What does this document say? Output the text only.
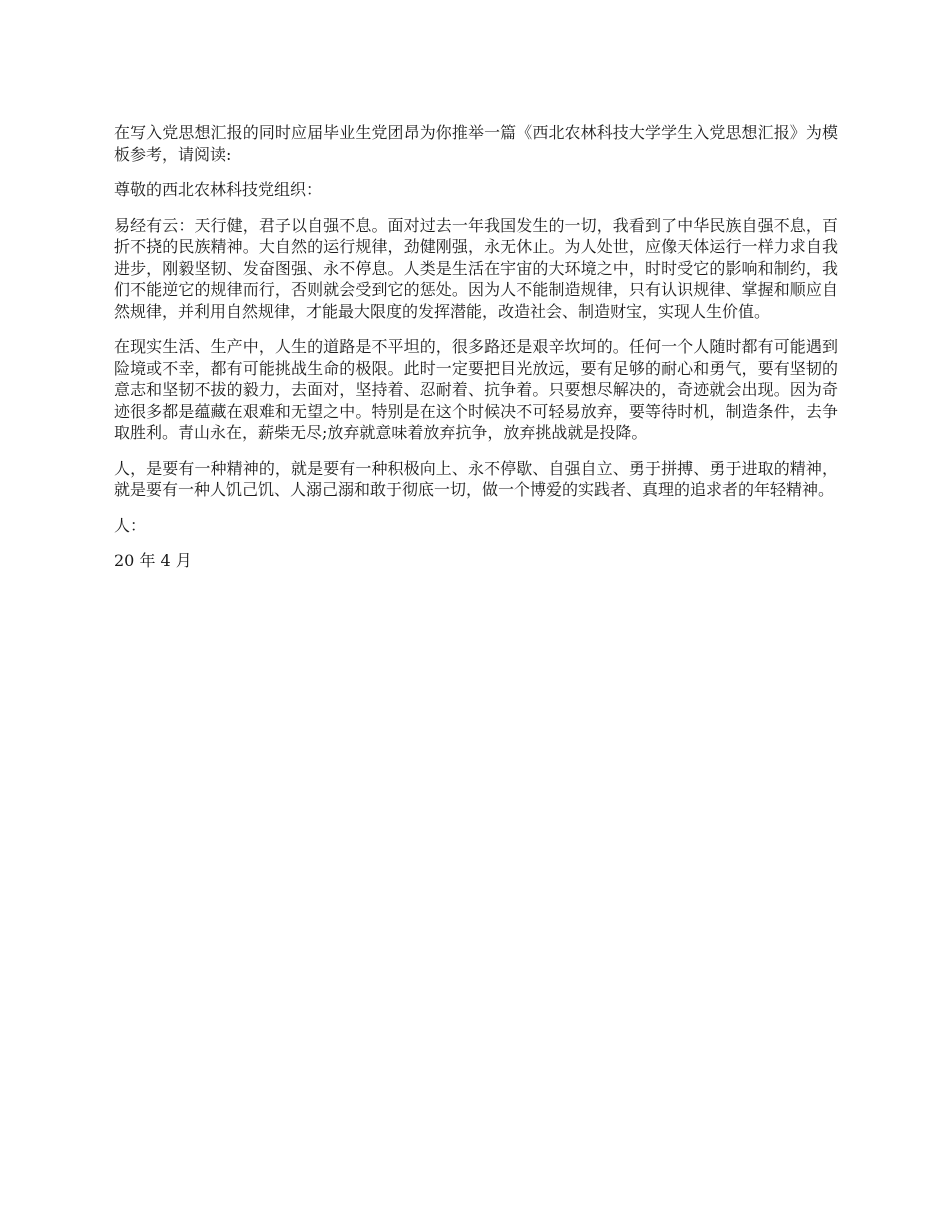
在写入党思想汇报的同时应届毕业生党团昂为你推举一篇《西北农林科技大学学生入党思想汇报》为模板参考，请阅读:

尊敬的西北农林科技党组织：

易经有云：天行健，君子以自强不息。面对过去一年我国发生的一切，我看到了中华民族自强不息，百折不挠的民族精神。大自然的运行规律，劲健刚强，永无休止。为人处世，应像天体运行一样力求自我进步，刚毅坚韧、发奋图强、永不停息。人类是生活在宇宙的大环境之中，时时受它的影响和制约，我们不能逆它的规律而行，否则就会受到它的惩处。因为人不能制造规律，只有认识规律、掌握和顺应自然规律，并利用自然规律，才能最大限度的发挥潜能，改造社会、制造财宝，实现人生价值。

在现实生活、生产中，人生的道路是不平坦的，很多路还是艰辛坎坷的。任何一个人随时都有可能遇到险境或不幸，都有可能挑战生命的极限。此时一定要把目光放远，要有足够的耐心和勇气，要有坚韧的意志和坚韧不拔的毅力，去面对，坚持着、忍耐着、抗争着。只要想尽解决的，奇迹就会出现。因为奇迹很多都是蕴藏在艰难和无望之中。特别是在这个时候决不可轻易放弃，要等待时机，制造条件，去争取胜利。青山永在，薪柴无尽;放弃就意味着放弃抗争，放弃挑战就是投降。

人，是要有一种精神的，就是要有一种积极向上、永不停歇、自强自立、勇于拼搏、勇于进取的精神，就是要有一种人饥己饥、人溺己溺和敢于彻底一切，做一个博爱的实践者、真理的追求者的年轻精神。

人：

20 年 4 月
